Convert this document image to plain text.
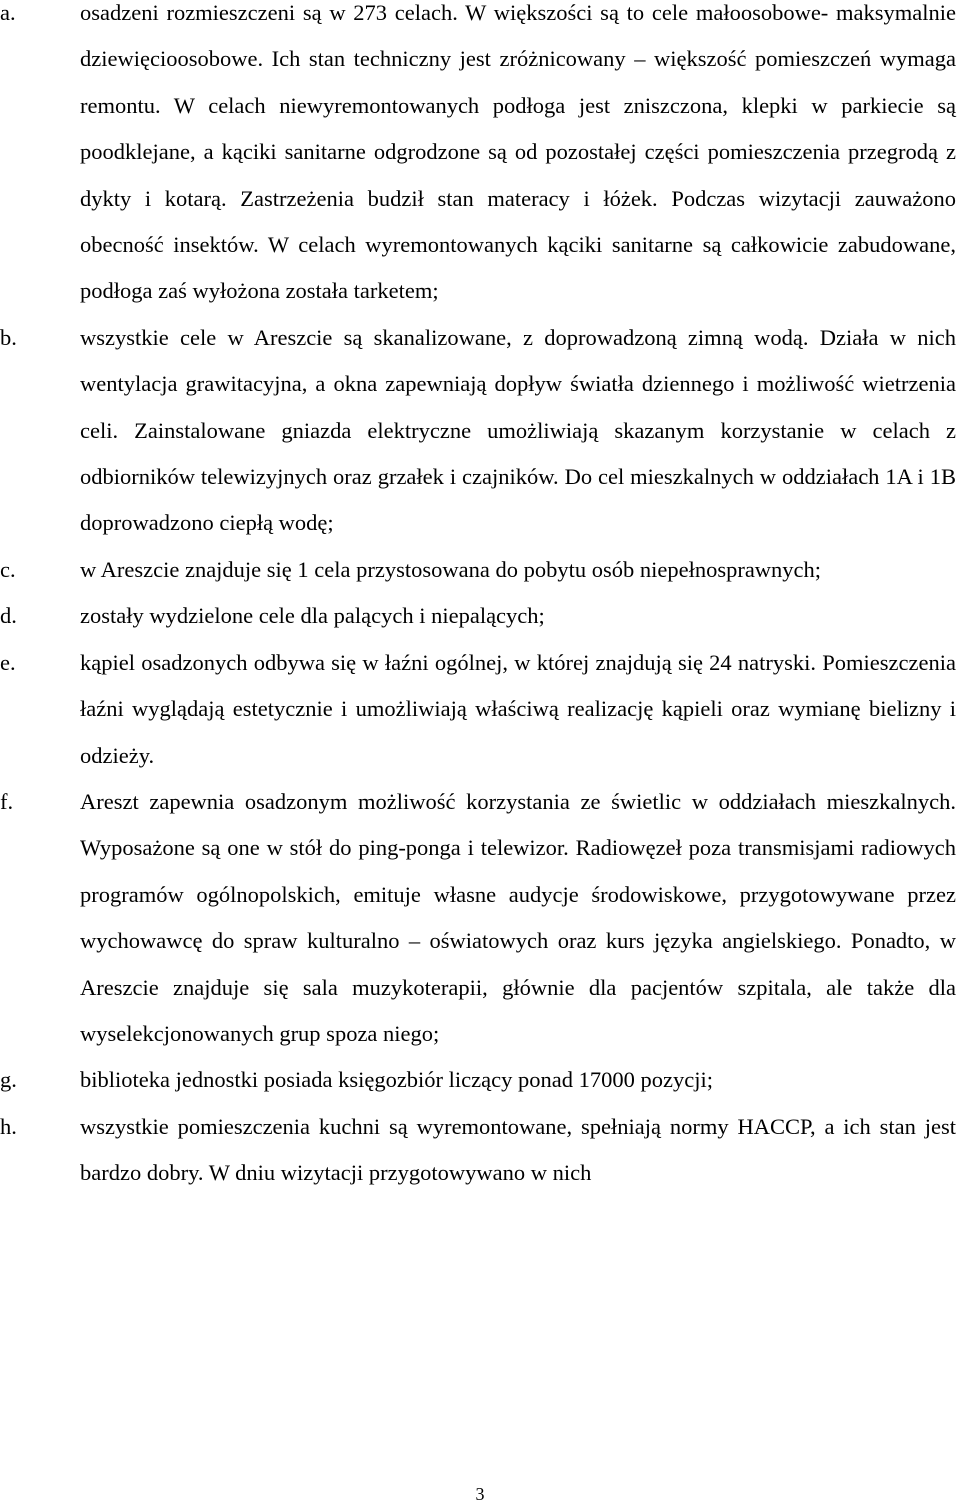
a.	osadzeni rozmieszczeni są w 273 celach. W większości są to cele małoosobowe- maksymalnie dziewięcioosobowe. Ich stan techniczny jest zróżnicowany – większość pomieszczeń wymaga remontu. W celach niewyremontowanych podłoga jest zniszczona, klepki w parkiecie są poodklejane, a kąciki sanitarne odgrodzone są od pozostałej części pomieszczenia przegrodą z dykty i kotarą. Zastrzeżenia budził stan materacy i łóżek. Podczas wizytacji zauważono obecność insektów. W celach wyremontowanych kąciki sanitarne są całkowicie zabudowane, podłoga zaś wyłożona została tarketem;

b.	wszystkie cele w Areszcie są skanalizowane, z doprowadzoną zimną wodą. Działa w nich wentylacja grawitacyjna, a okna zapewniają dopływ światła dziennego i możliwość wietrzenia celi. Zainstalowane gniazda elektryczne umożliwiają skazanym korzystanie w celach z odbiorników telewizyjnych oraz grzałek i czajników. Do cel mieszkalnych w oddziałach 1A i 1B doprowadzono ciepłą wodę;

c.	w Areszcie znajduje się 1 cela przystosowana do pobytu osób niepełnosprawnych;

d.	zostały wydzielone cele dla palących i niepalących;

e.	kąpiel osadzonych odbywa się w łaźni ogólnej, w której znajdują się 24 natryski. Pomieszczenia łaźni wyglądają estetycznie i umożliwiają właściwą realizację kąpieli oraz wymianę bielizny i odzieży.

f.	Areszt zapewnia osadzonym możliwość korzystania ze świetlic w oddziałach mieszkalnych. Wyposażone są one w stół do ping-ponga i telewizor. Radiowęzeł poza transmisjami radiowych programów ogólnopolskich, emituje własne audycje środowiskowe, przygotowywane przez wychowawcę do spraw kulturalno – oświatowych oraz kurs języka angielskiego. Ponadto, w Areszcie znajduje się sala muzykoterapii, głównie dla pacjentów szpitala, ale także dla wyselekcjonowanych grup spoza niego;

g.	biblioteka jednostki posiada księgozbiór liczący ponad 17000 pozycji;

h.	wszystkie pomieszczenia kuchni są wyremontowane, spełniają normy HACCP, a ich stan jest bardzo dobry. W dniu wizytacji przygotowywano w nich

3
